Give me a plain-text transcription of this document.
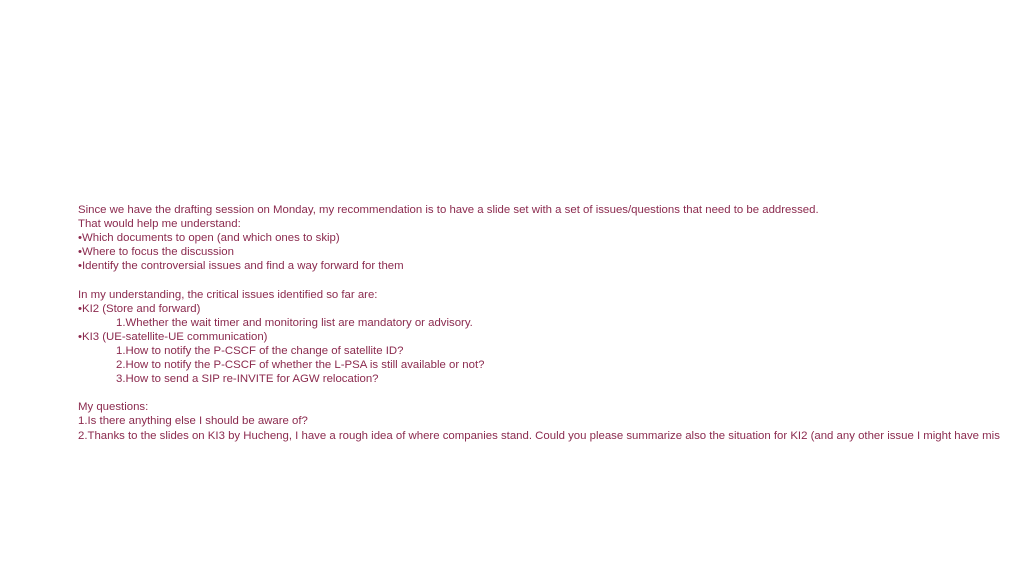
Since we have the drafting session on Monday, my recommendation is to have a slide set with a set of issues/questions that need to be addressed.
That would help me understand:
•Which documents to open (and which ones to skip)
•Where to focus the discussion
•Identify the controversial issues and find a way forward for them
In my understanding, the critical issues identified so far are:
•KI2 (Store and forward)
1.Whether the wait timer and monitoring list are mandatory or advisory.
•KI3 (UE-satellite-UE communication)
1.How to notify the P-CSCF of the change of satellite ID?
2.How to notify the P-CSCF of whether the L-PSA is still available or not?
3.How to send a SIP re-INVITE for AGW relocation?
My questions:
1.Is there anything else I should be aware of?
2.Thanks to the slides on KI3 by Hucheng, I have a rough idea of where companies stand. Could you please summarize also the situation for KI2 (and any other issue I might have mis
